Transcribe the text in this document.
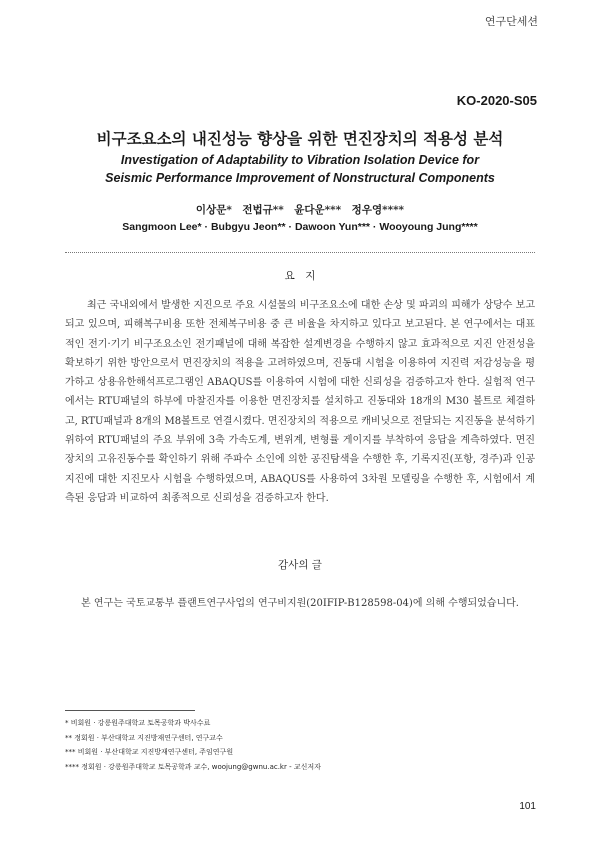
연구단세션
KO-2020-S05
비구조요소의 내진성능 향상을 위한 면진장치의 적용성 분석
Investigation of Adaptability to Vibration Isolation Device for
Seismic Performance Improvement of Nonstructural Components
이상문*　전법규**　윤다운***　정우영****
Sangmoon Lee* · Bubgyu Jeon** · Dawoon Yun*** · Wooyoung Jung****
요　지
최근 국내외에서 발생한 지진으로 주요 시설물의 비구조요소에 대한 손상 및 파괴의 피해가 상당수 보고되고 있으며, 피해복구비용 또한 전체복구비용 중 큰 비율을 차지하고 있다고 보고된다. 본 연구에서는 대표적인 전기·기기 비구조요소인 전기패널에 대해 복잡한 설계변경을 수행하지 않고 효과적으로 지진 안전성을 확보하기 위한 방안으로서 면진장치의 적용을 고려하였으며, 진동대 시험을 이용하여 지진력 저감성능을 평가하고 상용유한해석프로그램인 ABAQUS를 이용하여 시험에 대한 신뢰성을 검증하고자 한다. 실험적 연구에서는 RTU패널의 하부에 마찰진자를 이용한 면진장치를 설치하고 진동대와 18개의 M30 볼트로 체결하고, RTU패널과 8개의 M8볼트로 연결시켰다. 면진장치의 적용으로 캐비닛으로 전달되는 지진동을 분석하기 위하여 RTU패널의 주요 부위에 3축 가속도계, 변위계, 변형률 게이지를 부착하여 응답을 계측하였다. 면진장치의 고유진동수를 확인하기 위해 주파수 소인에 의한 공진탐색을 수행한 후, 기록지진(포항, 경주)과 인공지진에 대한 지진모사 시험을 수행하였으며, ABAQUS를 사용하여 3차원 모델링을 수행한 후, 시험에서 계측된 응답과 비교하여 최종적으로 신뢰성을 검증하고자 한다.
감사의 글
본 연구는 국토교통부 플랜트연구사업의 연구비지원(20IFIP-B128598-04)에 의해 수행되었습니다.
* 비회원 · 강릉원주대학교 토목공학과 박사수료
** 정회원 · 부산대학교 지진방재연구센터, 연구교수
*** 비회원 · 부산대학교 지진방재연구센터, 주임연구원
**** 정회원 · 강릉원주대학교 토목공학과 교수, woojung@gwnu.ac.kr - 교신저자
101
